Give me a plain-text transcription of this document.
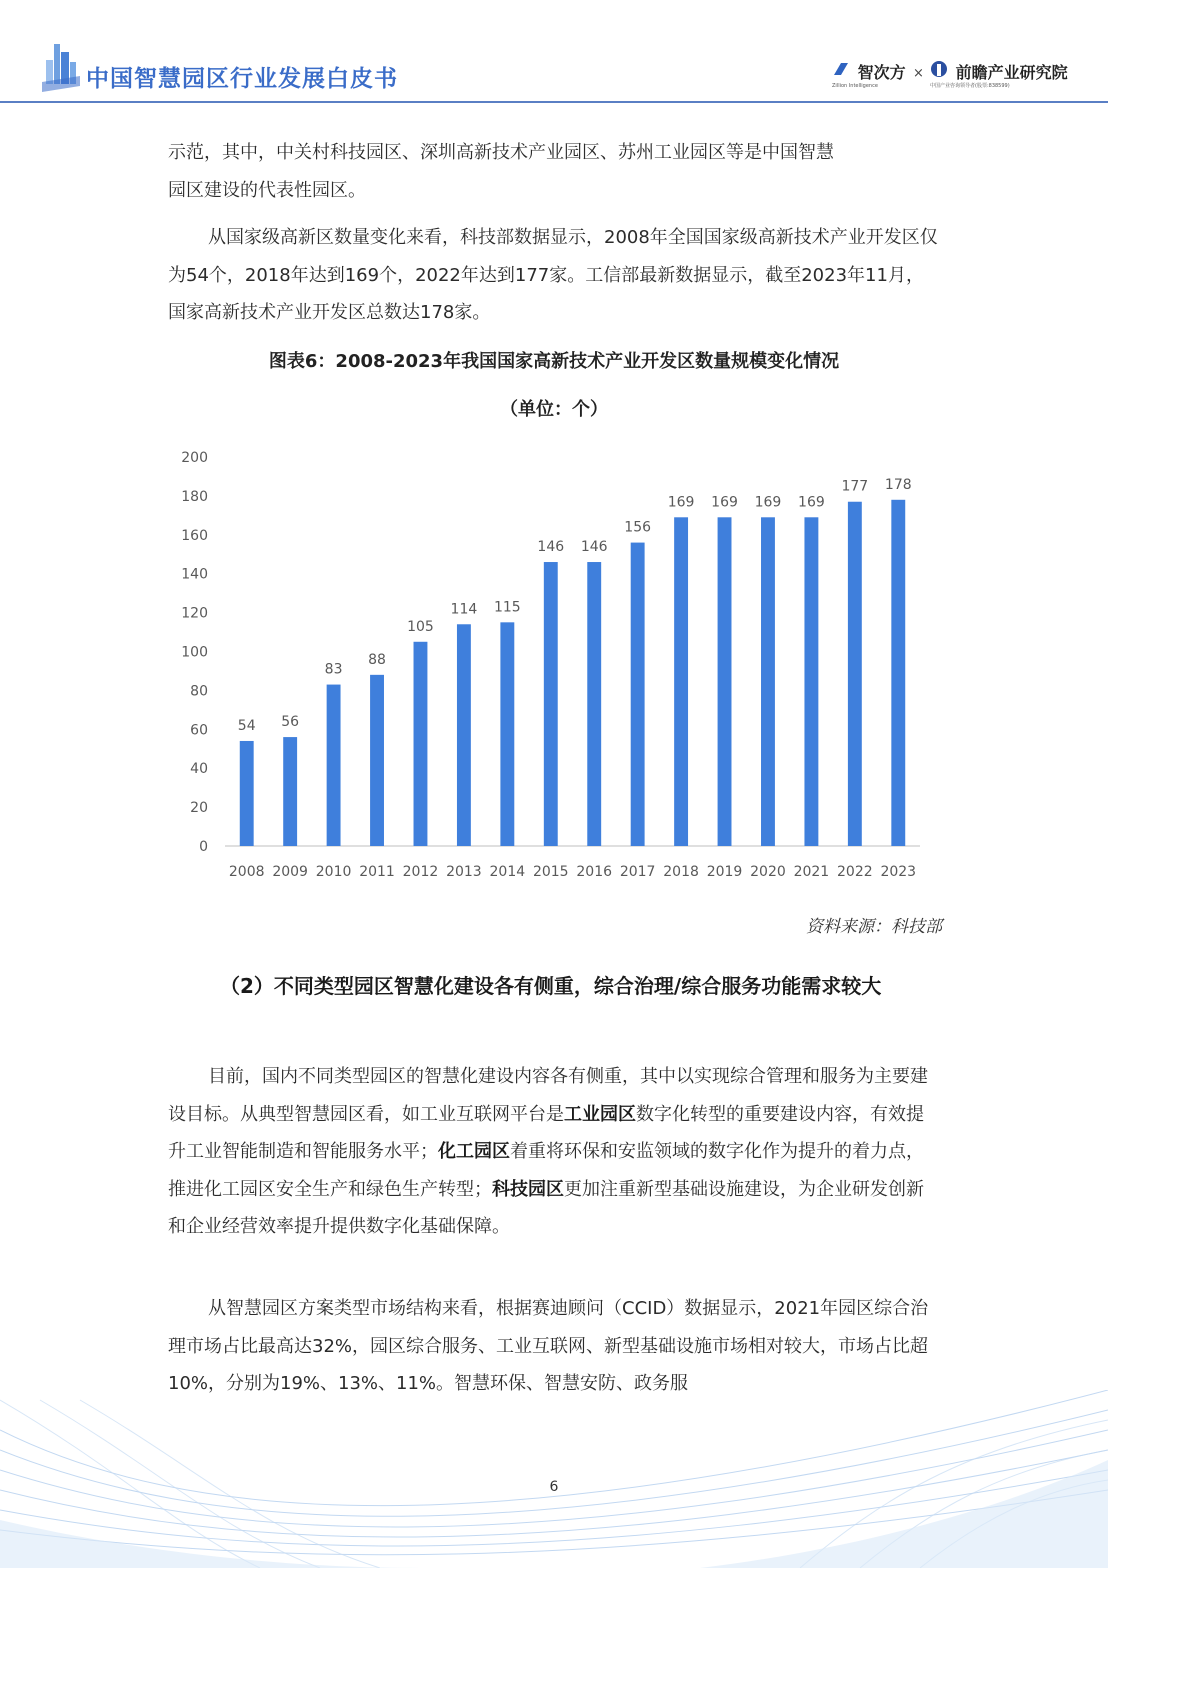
中国智慧园区行业发展白皮书	智次方
Zillion Intelligence
×	前瞻产业研究院
中国产业咨询领导者(股票:838599)

示范，其中，中关村科技园区、深圳高新技术产业园区、苏州工业园区等是中国智慧
园区建设的代表性园区。

从国家级高新区数量变化来看，科技部数据显示，2008年全国国家级高新技术产业开发区仅为54个，2018年达到169个，2022年达到177家。工信部最新数据显示，截至2023年11月，国家高新技术产业开发区总数达178家。

图表6：2008-2023年我国国家高新技术产业开发区数量规模变化情况
（单位：个）
0
20
40
60
80
100
120
140
160
180
200
54
2008
56
2009
83
2010
88
2011
105
2012
114
2013
115
2014
146
2015
146
2016
156
2017
169
2018
169
2019
169
2020
169
2021
177
2022
178
2023
资料来源：科技部

（2）不同类型园区智慧化建设各有侧重，综合治理/综合服务功能需求较大

目前，国内不同类型园区的智慧化建设内容各有侧重，其中以实现综合管理和服务为主要建设目标。从典型智慧园区看，如工业互联网平台是工业园区数字化转型的重要建设内容，有效提升工业智能制造和智能服务水平；化工园区着重将环保和安监领域的数字化作为提升的着力点，推进化工园区安全生产和绿色生产转型；科技园区更加注重新型基础设施建设，为企业研发创新和企业经营效率提升提供数字化基础保障。

从智慧园区方案类型市场结构来看，根据赛迪顾问（CCID）数据显示，2021年园区综合治理市场占比最高达32%，园区综合服务、工业互联网、新型基础设施市场相对较大，市场占比超10%，分别为19%、13%、11%。智慧环保、智慧安防、政务服

6
